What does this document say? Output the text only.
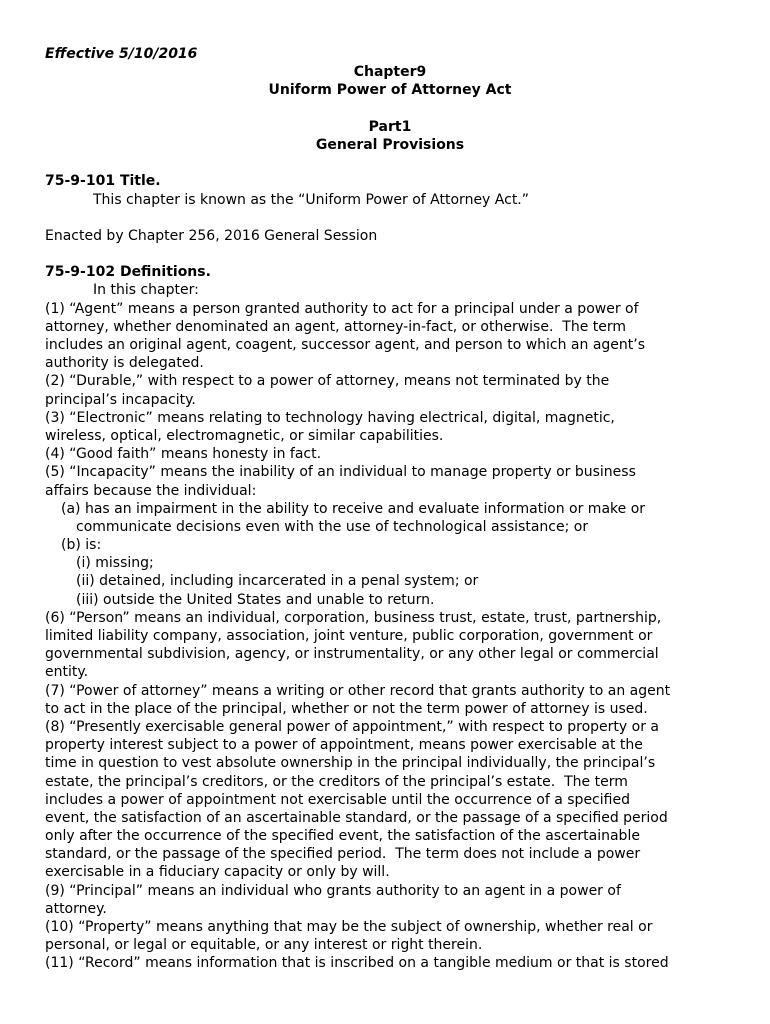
Effective 5/10/2016
Chapter9
Uniform Power of Attorney Act
Part1
General Provisions
75-9-101 Title.
This chapter is known as the “Uniform Power of Attorney Act.”
Enacted by Chapter 256, 2016 General Session
75-9-102 Definitions.
In this chapter:
(1) “Agent” means a person granted authority to act for a principal under a power of
attorney, whether denominated an agent, attorney-in-fact, or otherwise.  The term
includes an original agent, coagent, successor agent, and person to which an agent’s
authority is delegated.
(2) “Durable,” with respect to a power of attorney, means not terminated by the
principal’s incapacity.
(3) “Electronic” means relating to technology having electrical, digital, magnetic,
wireless, optical, electromagnetic, or similar capabilities.
(4) “Good faith” means honesty in fact.
(5) “Incapacity” means the inability of an individual to manage property or business
affairs because the individual:
(a) has an impairment in the ability to receive and evaluate information or make or
communicate decisions even with the use of technological assistance; or
(b) is:
(i) missing;
(ii) detained, including incarcerated in a penal system; or
(iii) outside the United States and unable to return.
(6) “Person” means an individual, corporation, business trust, estate, trust, partnership,
limited liability company, association, joint venture, public corporation, government or
governmental subdivision, agency, or instrumentality, or any other legal or commercial
entity.
(7) “Power of attorney” means a writing or other record that grants authority to an agent
to act in the place of the principal, whether or not the term power of attorney is used.
(8) “Presently exercisable general power of appointment,” with respect to property or a
property interest subject to a power of appointment, means power exercisable at the
time in question to vest absolute ownership in the principal individually, the principal’s
estate, the principal’s creditors, or the creditors of the principal’s estate.  The term
includes a power of appointment not exercisable until the occurrence of a specified
event, the satisfaction of an ascertainable standard, or the passage of a specified period
only after the occurrence of the specified event, the satisfaction of the ascertainable
standard, or the passage of the specified period.  The term does not include a power
exercisable in a fiduciary capacity or only by will.
(9) “Principal” means an individual who grants authority to an agent in a power of
attorney.
(10) “Property” means anything that may be the subject of ownership, whether real or
personal, or legal or equitable, or any interest or right therein.
(11) “Record” means information that is inscribed on a tangible medium or that is stored
